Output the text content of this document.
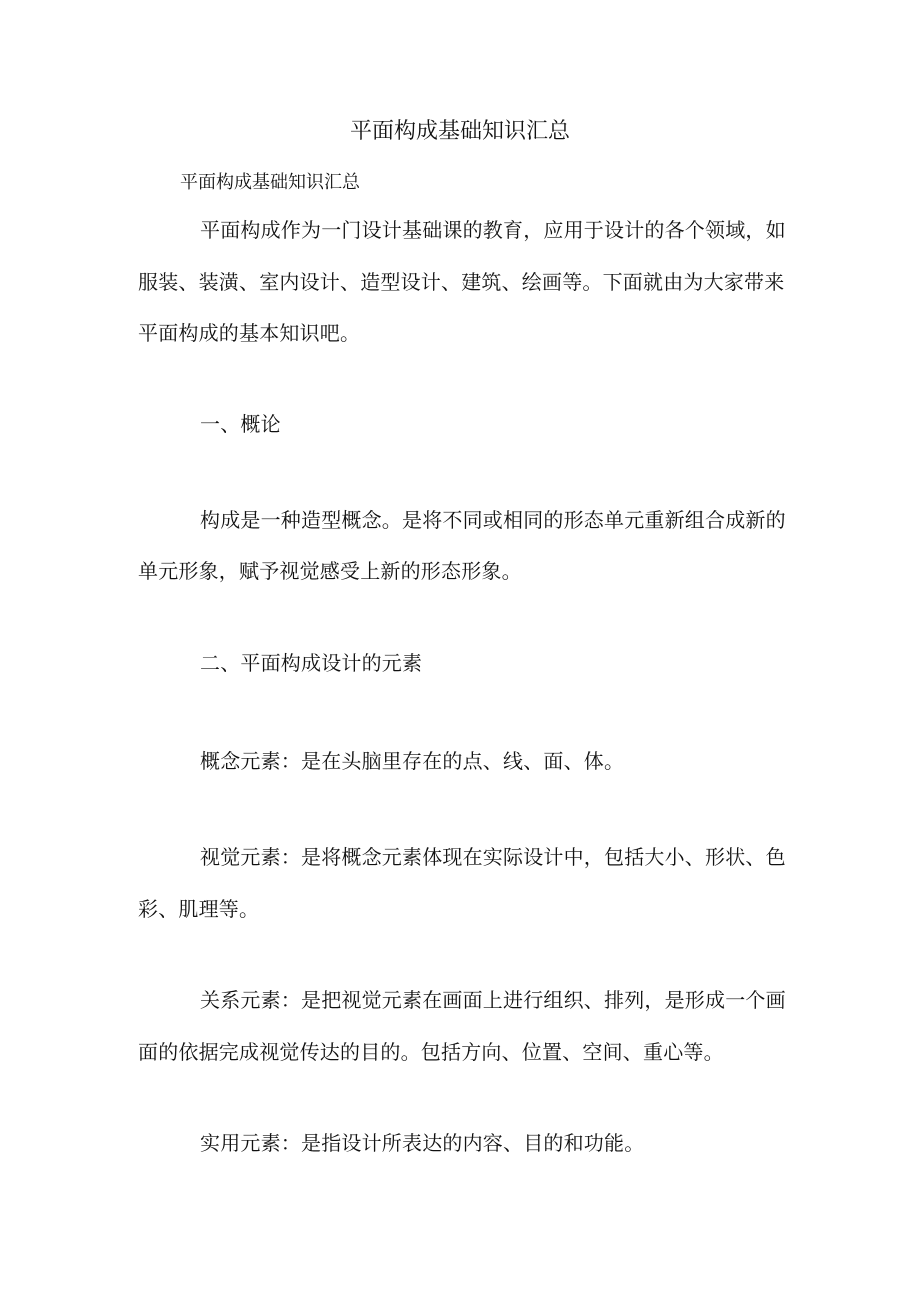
平面构成基础知识汇总
平面构成基础知识汇总
平面构成作为一门设计基础课的教育，应用于设计的各个领域，如
服装、装潢、室内设计、造型设计、建筑、绘画等。下面就由为大家带来
平面构成的基本知识吧。
一、概论
构成是一种造型概念。是将不同或相同的形态单元重新组合成新的
单元形象，赋予视觉感受上新的形态形象。
二、平面构成设计的元素
概念元素：是在头脑里存在的点、线、面、体。
视觉元素：是将概念元素体现在实际设计中，包括大小、形状、色
彩、肌理等。
关系元素：是把视觉元素在画面上进行组织、排列，是形成一个画
面的依据完成视觉传达的目的。包括方向、位置、空间、重心等。
实用元素：是指设计所表达的内容、目的和功能。
